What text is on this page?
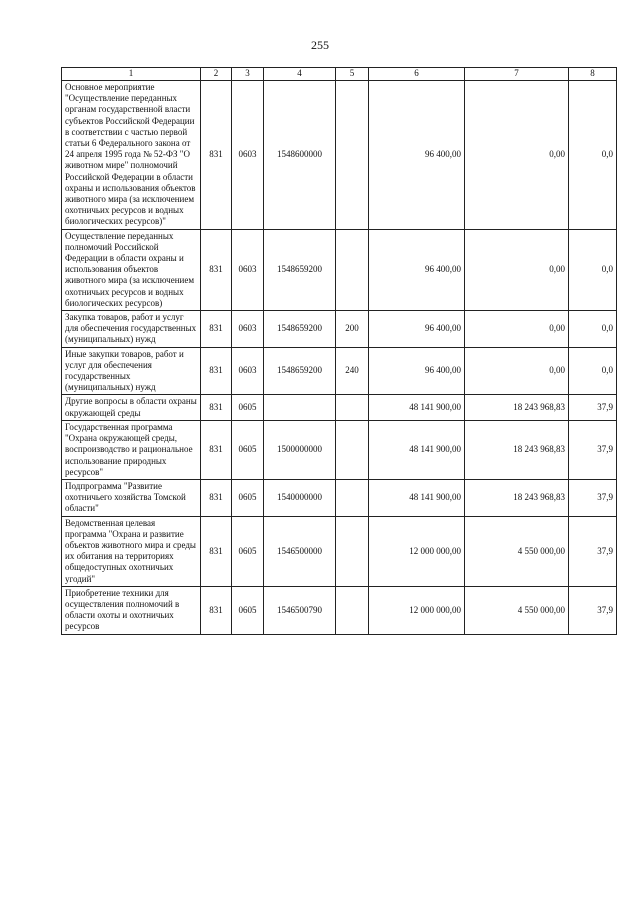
255
1	2	3	4	5	6	7	8
Основное мероприятие "Осуществление переданных органам государственной власти субъектов Российской Федерации в соответствии с частью первой статьи 6 Федерального закона от 24 апреля 1995 года № 52-ФЗ "О животном мире" полномочий Российской Федерации в области охраны и использования объектов животного мира (за исключением охотничьих ресурсов и водных биологических ресурсов)"	831	0603	1548600000		96 400,00	0,00	0,0
Осуществление переданных полномочий Российской Федерации в области охраны и использования объектов животного мира (за исключением охотничьих ресурсов и водных биологических ресурсов)	831	0603	1548659200		96 400,00	0,00	0,0
Закупка товаров, работ и услуг для обеспечения государственных (муниципальных) нужд	831	0603	1548659200	200	96 400,00	0,00	0,0
Иные закупки товаров, работ и услуг для обеспечения государственных (муниципальных) нужд	831	0603	1548659200	240	96 400,00	0,00	0,0
Другие вопросы в области охраны окружающей среды	831	0605			48 141 900,00	18 243 968,83	37,9
Государственная программа "Охрана окружающей среды, воспроизводство и рациональное использование природных ресурсов"	831	0605	1500000000		48 141 900,00	18 243 968,83	37,9
Подпрограмма "Развитие охотничьего хозяйства Томской области"	831	0605	1540000000		48 141 900,00	18 243 968,83	37,9
Ведомственная целевая программа "Охрана и развитие объектов животного мира и среды их обитания на территориях общедоступных охотничьих угодий"	831	0605	1546500000		12 000 000,00	4 550 000,00	37,9
Приобретение техники для осуществления полномочий в области охоты и охотничьих ресурсов	831	0605	1546500790		12 000 000,00	4 550 000,00	37,9
